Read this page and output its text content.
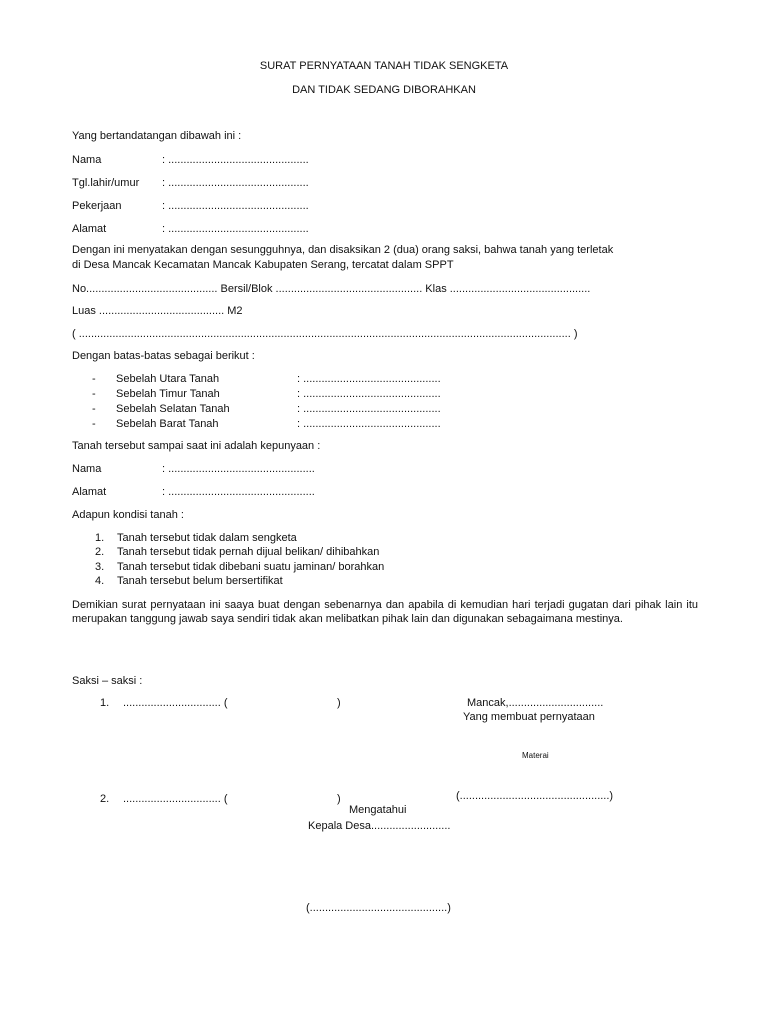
SURAT PERNYATAAN TANAH TIDAK SENGKETA
DAN TIDAK SEDANG DIBORAHKAN
Yang bertandatangan dibawah ini :
Nama	: ..............................................
Tgl.lahir/umur : ..............................................
Pekerjaan	: ..............................................
Alamat	: ..............................................
Dengan ini menyatakan dengan sesungguhnya, dan disaksikan 2 (dua) orang saksi, bahwa tanah yang terletak
di Desa Mancak Kecamatan Mancak Kabupaten Serang, tercatat dalam SPPT
No........................................... Bersil/Blok ................................................ Klas ..............................................
Luas ......................................... M2
( ................................................................................................................................................................. )
Dengan batas-batas sebagai berikut :
- Sebelah Utara Tanah	: .............................................
- Sebelah Timur Tanah	: .............................................
- Sebelah Selatan Tanah	: .............................................
- Sebelah Barat Tanah	: .............................................
Tanah tersebut sampai saat ini adalah kepunyaan :
Nama	: ................................................
Alamat	: ................................................
Adapun kondisi tanah :
1. Tanah tersebut tidak dalam sengketa
2. Tanah tersebut tidak pernah dijual belikan/ dihibahkan
3. Tanah tersebut tidak dibebani suatu jaminan/ borahkan
4. Tanah tersebut belum bersertifikat
Demikian surat pernyataan ini saaya buat dengan sebenarnya dan apabila di kemudian hari terjadi gugatan dari pihak lain itu merupakan tanggung jawab saya sendiri tidak akan melibatkan pihak lain dan digunakan sebagaimana mestinya.
Saksi – saksi :
1. ................................ (	)	Mancak,...............................
Yang membuat pernyataan
Materai
2. ................................ (	)	(.................................................)
Mengatahui
Kepala Desa..........................
(.............................................)
